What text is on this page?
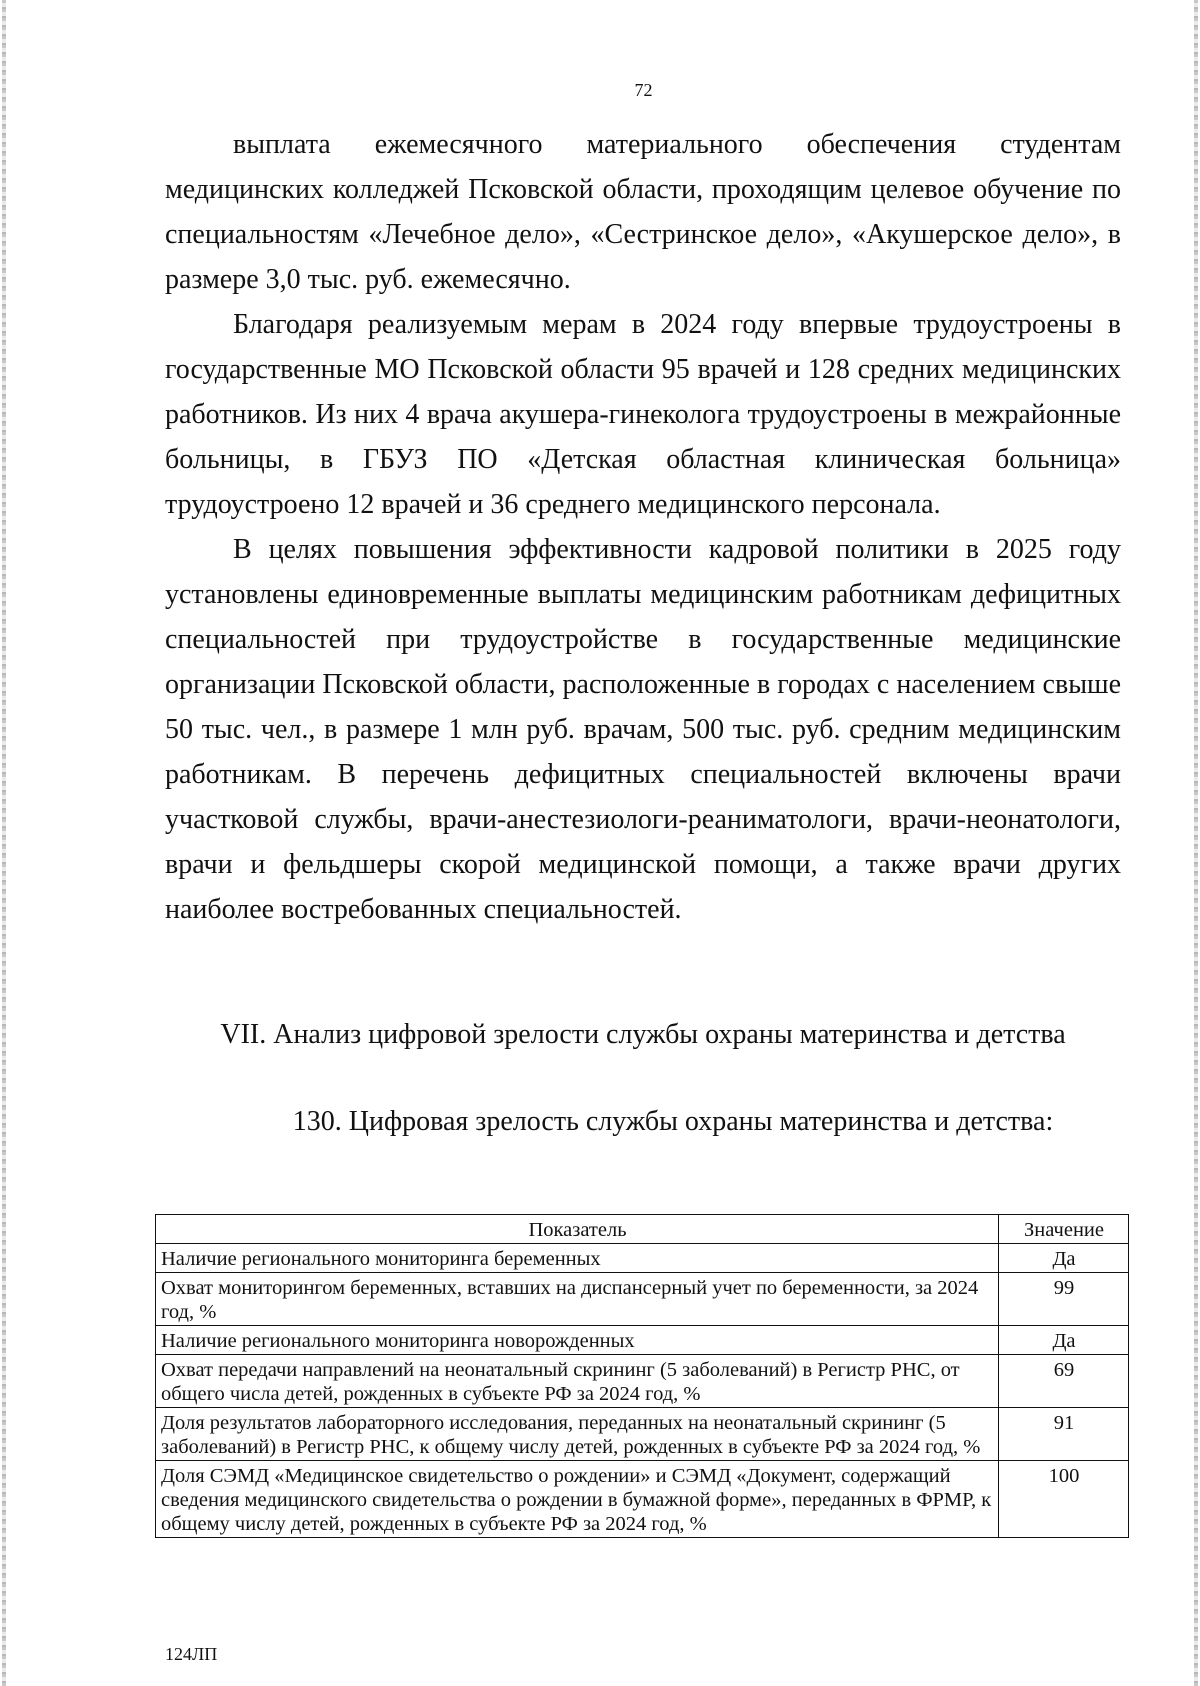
72

выплата ежемесячного материального обеспечения студентам медицинских колледжей Псковской области, проходящим целевое обучение по специальностям «Лечебное дело», «Сестринское дело», «Акушерское дело», в размере 3,0 тыс. руб. ежемесячно.

Благодаря реализуемым мерам в 2024 году впервые трудоустроены в государственные МО Псковской области 95 врачей и 128 средних медицинских работников. Из них 4 врача акушера-гинеколога трудоустроены в межрайонные больницы, в ГБУЗ ПО «Детская областная клиническая больница» трудоустроено 12 врачей и 36 среднего медицинского персонала.

В целях повышения эффективности кадровой политики в 2025 году установлены единовременные выплаты медицинским работникам дефицитных специальностей при трудоустройстве в государственные медицинские организации Псковской области, расположенные в городах с населением свыше 50 тыс. чел., в размере 1 млн руб. врачам, 500 тыс. руб. средним медицинским работникам. В перечень дефицитных специальностей включены врачи участковой службы, врачи-анестезиологи-реаниматологи, врачи-неонатологи, врачи и фельдшеры скорой медицинской помощи, а также врачи других наиболее востребованных специальностей.

VII. Анализ цифровой зрелости службы охраны материнства и детства
130. Цифровая зрелость службы охраны материнства и детства:
Показатель	Значение
Наличие регионального мониторинга беременных	Да
Охват мониторингом беременных, вставших на диспансерный учет по беременности, за 2024 год, %	99
Наличие регионального мониторинга новорожденных	Да
Охват передачи направлений на неонатальный скрининг (5 заболеваний) в Регистр РНС, от общего числа детей, рожденных в субъекте РФ за 2024 год, %	69
Доля результатов лабораторного исследования, переданных на неонатальный скрининг (5 заболеваний) в Регистр РНС, к общему числу детей, рожденных в субъекте РФ за 2024 год, %	91
Доля СЭМД «Медицинское свидетельство о рождении» и СЭМД «Документ, содержащий сведения медицинского свидетельства о рождении в бумажной форме», переданных в ФРМР, к общему числу детей, рожденных в субъекте РФ за 2024 год, %	100
124ЛП
